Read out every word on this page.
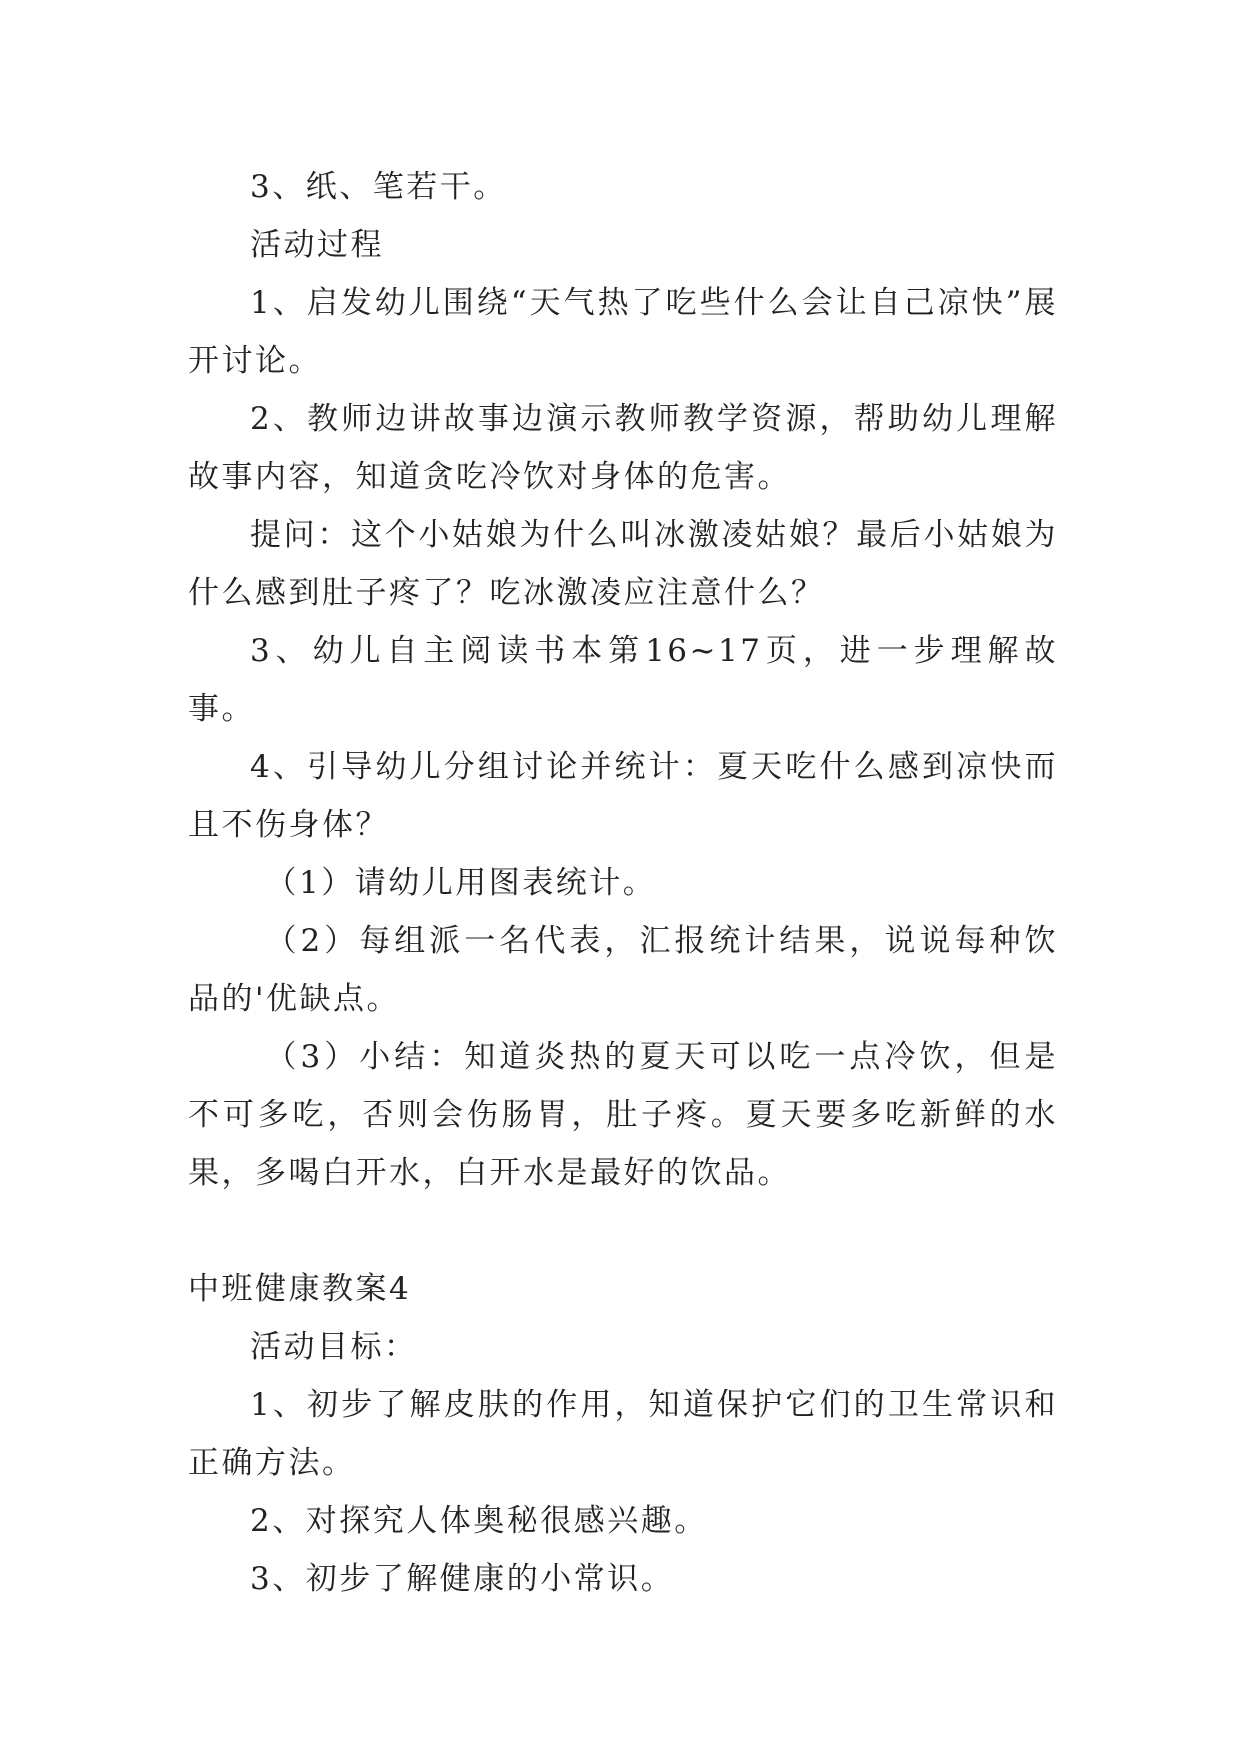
3、纸、笔若干。

活动过程

1、启发幼儿围绕“天气热了吃些什么会让自己凉快”展开讨论。

2、教师边讲故事边演示教师教学资源，帮助幼儿理解故事内容，知道贪吃冷饮对身体的危害。

提问：这个小姑娘为什么叫冰激凌姑娘？最后小姑娘为什么感到肚子疼了？吃冰激凌应注意什么？

3、幼儿自主阅读书本第16~17页，进一步理解故事。

4、引导幼儿分组讨论并统计：夏天吃什么感到凉快而且不伤身体？

（1）请幼儿用图表统计。

（2）每组派一名代表，汇报统计结果，说说每种饮品的'优缺点。

（3）小结：知道炎热的夏天可以吃一点冷饮，但是不可多吃，否则会伤肠胃，肚子疼。夏天要多吃新鲜的水果，多喝白开水，白开水是最好的饮品。

中班健康教案4

活动目标：

1、初步了解皮肤的作用，知道保护它们的卫生常识和正确方法。

2、对探究人体奥秘很感兴趣。

3、初步了解健康的小常识。
